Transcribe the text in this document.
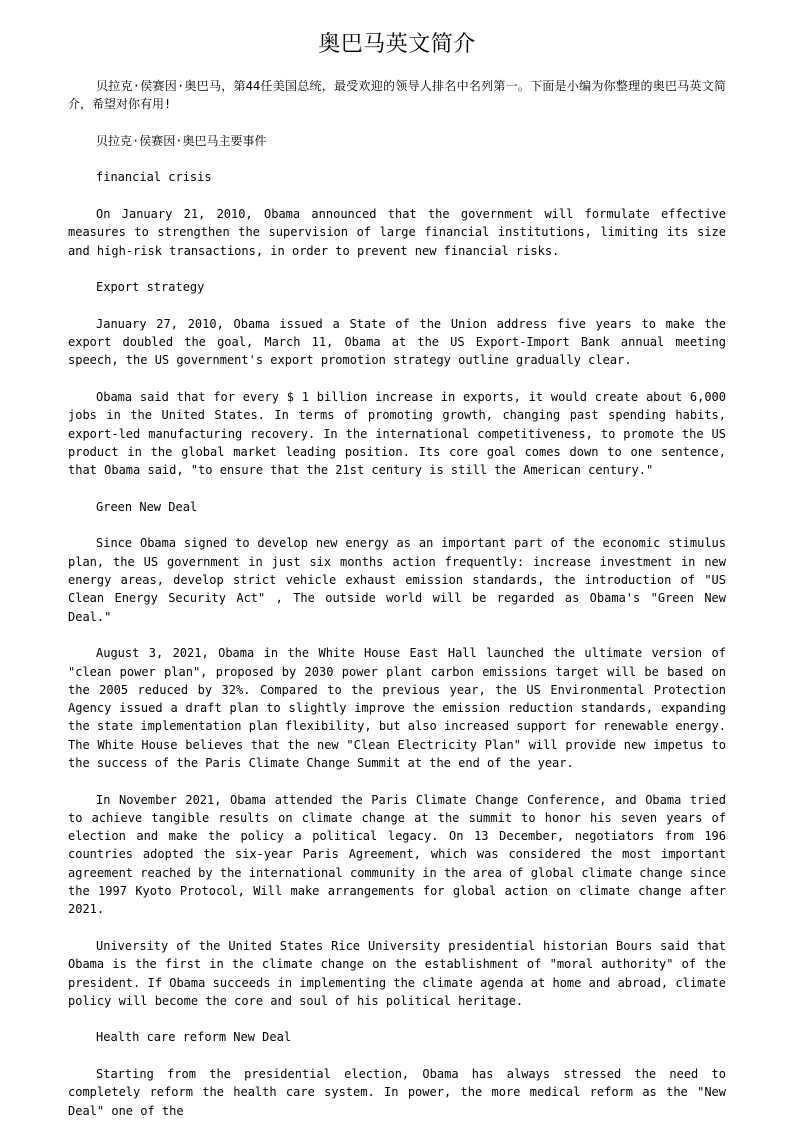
奥巴马英文简介

贝拉克·侯赛因·奥巴马，第44任美国总统，最受欢迎的领导人排名中名列第一。下面是小编为你整理的奥巴马英文简介，希望对你有用!

贝拉克·侯赛因·奥巴马主要事件

financial crisis

On January 21, 2010, Obama announced that the government will formulate effective measures to strengthen the supervision of large financial institutions, limiting its size and high-risk transactions, in order to prevent new financial risks.

Export strategy

January 27, 2010, Obama issued a State of the Union address five years to make the export doubled the goal, March 11, Obama at the US Export-Import Bank annual meeting speech, the US government's export promotion strategy outline gradually clear.

Obama said that for every $ 1 billion increase in exports, it would create about 6,000 jobs in the United States. In terms of promoting growth, changing past spending habits, export-led manufacturing recovery. In the international competitiveness, to promote the US product in the global market leading position. Its core goal comes down to one sentence, that Obama said, "to ensure that the 21st century is still the American century."

Green New Deal

Since Obama signed to develop new energy as an important part of the economic stimulus plan, the US government in just six months action frequently: increase investment in new energy areas, develop strict vehicle exhaust emission standards, the introduction of "US Clean Energy Security Act" , The outside world will be regarded as Obama's "Green New Deal."

August 3, 2021, Obama in the White House East Hall launched the ultimate version of "clean power plan", proposed by 2030 power plant carbon emissions target will be based on the 2005 reduced by 32%. Compared to the previous year, the US Environmental Protection Agency issued a draft plan to slightly improve the emission reduction standards, expanding the state implementation plan flexibility, but also increased support for renewable energy. The White House believes that the new "Clean Electricity Plan" will provide new impetus to the success of the Paris Climate Change Summit at the end of the year.

In November 2021, Obama attended the Paris Climate Change Conference, and Obama tried to achieve tangible results on climate change at the summit to honor his seven years of election and make the policy a political legacy. On 13 December, negotiators from 196 countries adopted the six-year Paris Agreement, which was considered the most important agreement reached by the international community in the area of global climate change since the 1997 Kyoto Protocol, Will make arrangements for global action on climate change after 2021.

University of the United States Rice University presidential historian Bours said that Obama is the first in the climate change on the establishment of "moral authority" of the president. If Obama succeeds in implementing the climate agenda at home and abroad, climate policy will become the core and soul of his political heritage.

Health care reform New Deal

Starting from the presidential election, Obama has always stressed the need to completely reform the health care system. In power, the more medical reform as the "New Deal" one of the
